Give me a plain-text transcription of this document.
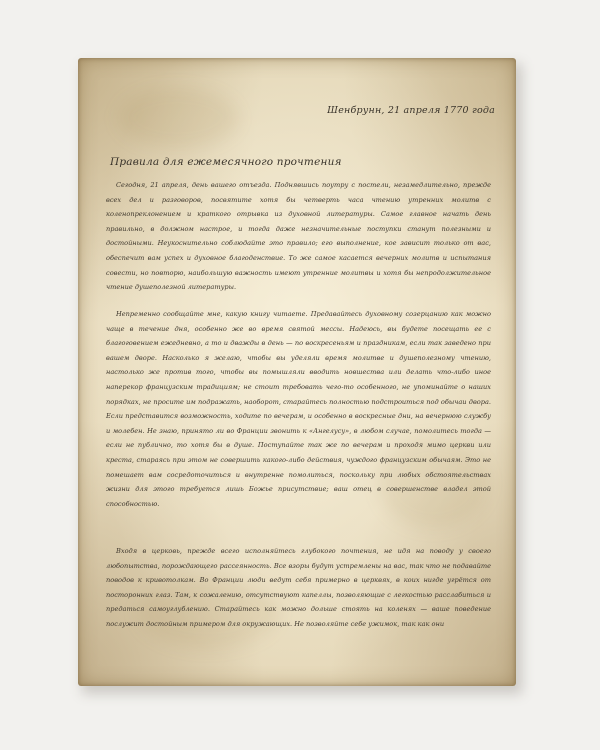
Шенбрунн, 21 апреля 1770 года
Правила для ежемесячного прочтения

Сегодня, 21 апреля, день вашего отъезда. Поднявшись поутру с постели, незамедлительно, прежде всех дел и разговоров, посвятите хотя бы четверть часа чтению утренних молитв с коленопреклонением и краткого отрывка из духовной литературы. Самое главное начать день правильно, в должном настрое, и тогда даже незначительные поступки станут полезными и достойными. Неукоснительно соблюдайте это правило; его выполнение, кое зависит только от вас, обеспечит вам успех и духовное благоденствие. То же самое касается вечерних молитв и испытания совести, но повторю, наибольшую важность имеют утренние молитвы и хотя бы непродолжительное чтение душеполезной литературы.

Непременно сообщайте мне, какую книгу читаете. Предавайтесь духовному созерцанию как можно чаще в течение дня, особенно же во время святой мессы. Надеюсь, вы будете посещать ее с благоговением ежедневно, а то и дважды в день — по воскресеньям и праздникам, если так заведено при вашем дворе. Насколько я желаю, чтобы вы уделяли время молитве и душеполезному чтению, настолько же против того, чтобы вы помышляли вводить новшества или делать что-либо иное наперекор французским традициям; не стоит требовать чего-то особенного, не упоминайте о наших порядках, не просите им подражать, наоборот, старайтесь полностью подстроиться под обычаи двора. Если представится возможность, ходите по вечерам, и особенно в воскресные дни, на вечернюю службу и молебен. Не знаю, принято ли во Франции звонить к «Ангелусу», в любом случае, помолитесь тогда — если не публично, то хотя бы в душе. Поступайте так же по вечерам и проходя мимо церкви или креста, стараясь при этом не совершить какого-либо действия, чуждого французским обычаям. Это не помешает вам сосредоточиться и внутренне помолиться, поскольку при любых обстоятельствах жизни для этого требуется лишь Божье присутствие; ваш отец в совершенстве владел этой способностью.

Входя в церковь, прежде всего исполняйтесь глубокого почтения, не идя на поводу у своего любопытства, порождающего рассеянность. Все взоры будут устремлены на вас, так что не подавайте поводов к кривотолкам. Во Франции люди ведут себя примерно в церквях, в коих нигде угрётся от посторонних глаз. Там, к сожалению, отсутствуют капеллы, позволяющие с легкостью расслабиться и предаться самоуглублению. Старайтесь как можно дольше стоять на коленях — ваше поведение послужит достойным примером для окружающих. Не позволяйте себе ужимок, так как они
